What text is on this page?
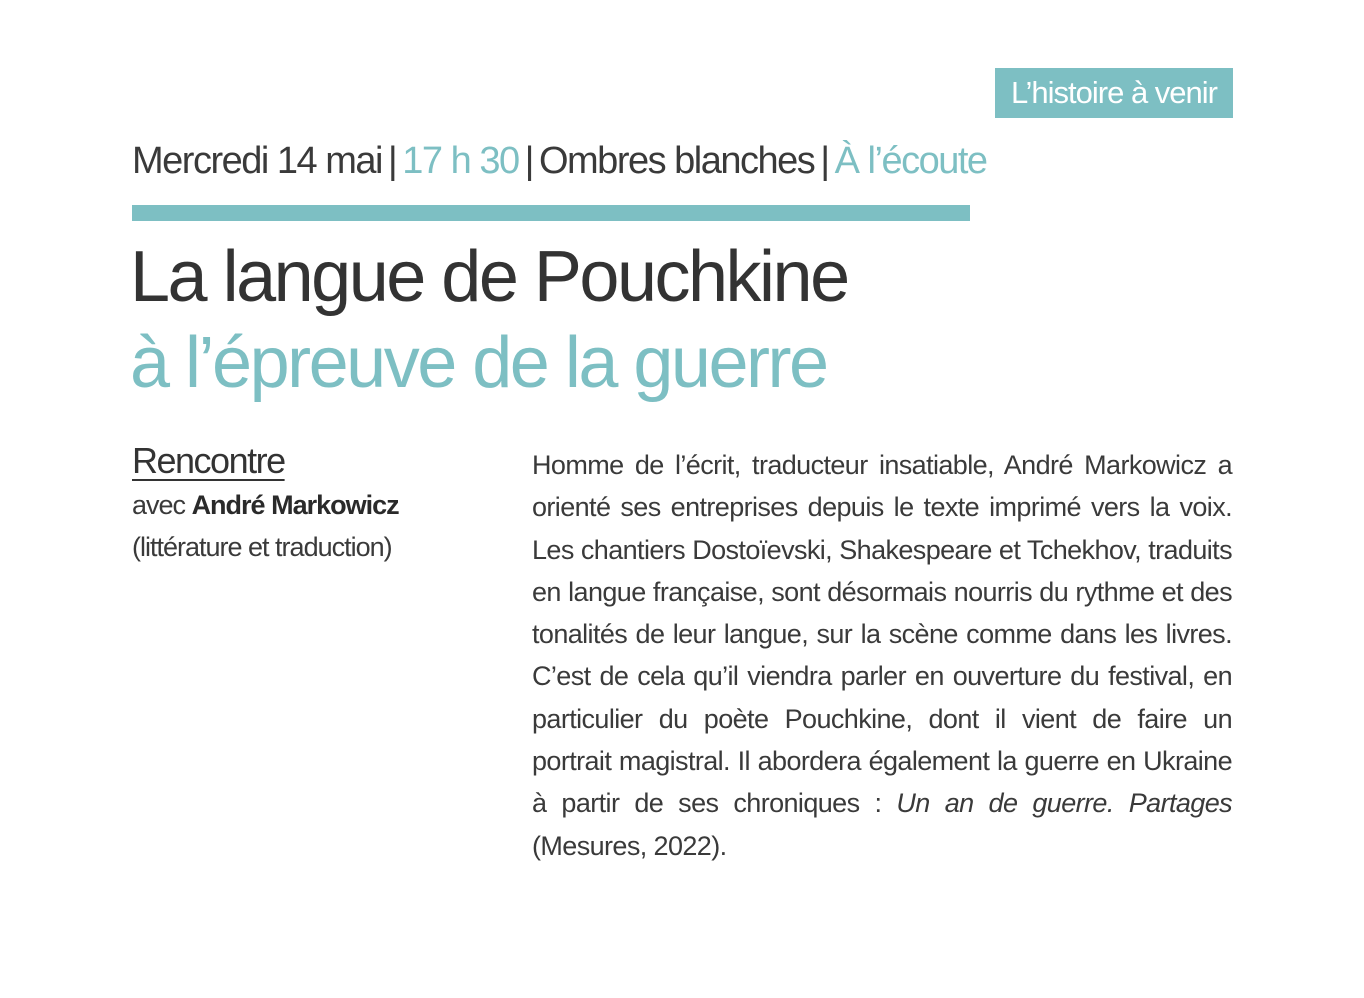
L’histoire à venir
Mercredi 14 mai | 17 h 30 | Ombres blanches | À l’écoute
La langue de Pouchkine
à l’épreuve de la guerre
Rencontre
avec André Markowicz
(littérature et traduction)
Homme de l’écrit, traducteur insatiable, André Markowicz a orienté ses entreprises depuis le texte imprimé vers la voix. Les chantiers Dostoïevski, Shakespeare et Tchekhov, traduits en langue française, sont désormais nourris du rythme et des tonalités de leur langue, sur la scène comme dans les livres. C’est de cela qu’il viendra parler en ouverture du festival, en particulier du poète Pouchkine, dont il vient de faire un portrait magistral. Il abordera également la guerre en Ukraine à partir de ses chroniques : Un an de guerre. Partages (Mesures, 2022).
